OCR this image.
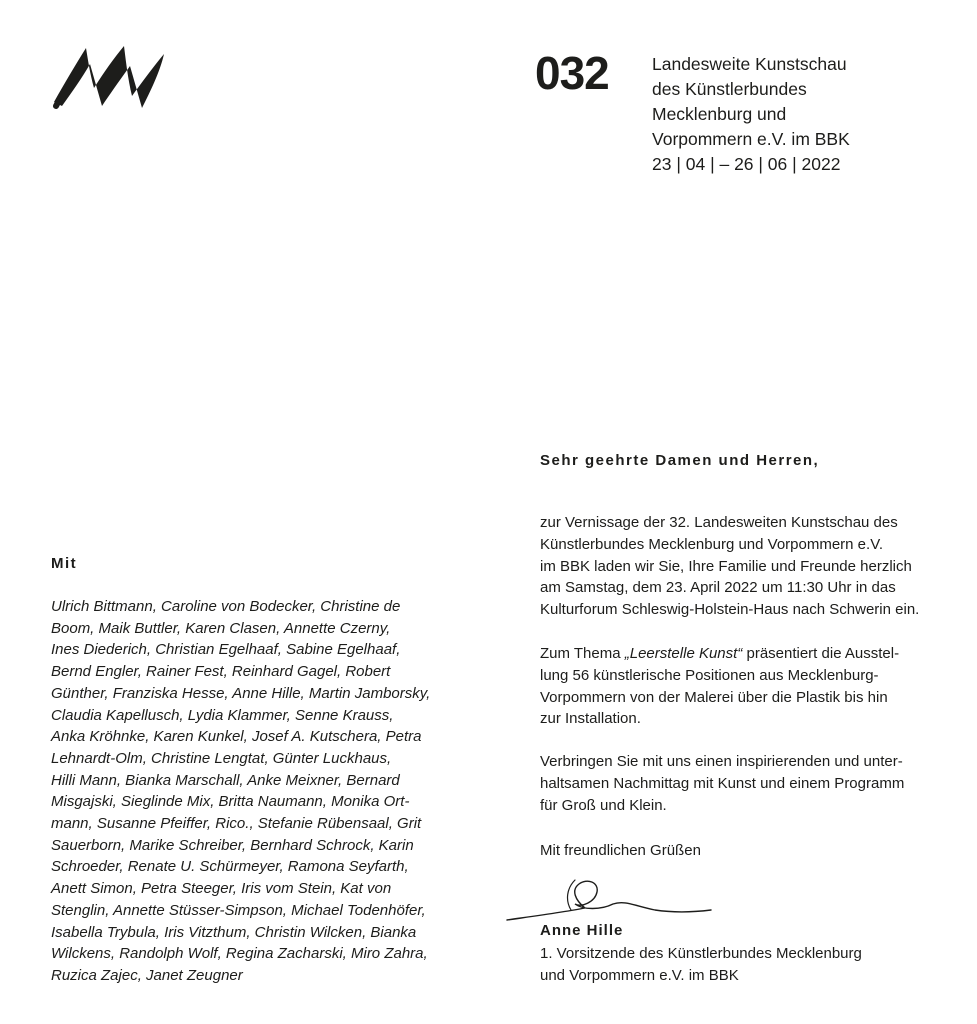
032 Landesweite Kunstschau
des Künstlerbundes
Mecklenburg und
Vorpommern e.V. im BBK
23 | 04 | – 26 | 06 | 2022
Mit
Ulrich Bittmann, Caroline von Bodecker, Christine de
Boom, Maik Buttler, Karen Clasen, Annette Czerny,
Ines Diederich, Christian Egelhaaf, Sabine Egelhaaf,
Bernd Engler, Rainer Fest, Reinhard Gagel, Robert
Günther, Franziska Hesse, Anne Hille, Martin Jamborsky,
Claudia Kapellusch, Lydia Klammer, Senne Krauss,
Anka Kröhnke, Karen Kunkel, Josef A. Kutschera, Petra
Lehnardt-Olm, Christine Lengtat, Günter Luckhaus,
Hilli Mann, Bianka Marschall, Anke Meixner, Bernard
Misgajski, Sieglinde Mix, Britta Naumann, Monika Ort-
mann, Susanne Pfeiffer, Rico., Stefanie Rübensaal, Grit
Sauerborn, Marike Schreiber, Bernhard Schrock, Karin
Schroeder, Renate U. Schürmeyer, Ramona Seyfarth,
Anett Simon, Petra Steeger, Iris vom Stein, Kat von
Stenglin, Annette Stüsser-Simpson, Michael Todenhöfer,
Isabella Trybula, Iris Vitzthum, Christin Wilcken, Bianka
Wilckens, Randolph Wolf, Regina Zacharski, Miro Zahra,
Ruzica Zajec, Janet Zeugner
Sehr geehrte Damen und Herren,
zur Vernissage der 32. Landesweiten Kunstschau des
Künstlerbundes Mecklenburg und Vorpommern e.V.
im BBK laden wir Sie, Ihre Familie und Freunde herzlich
am Samstag, dem 23. April 2022 um 11:30 Uhr in das
Kulturforum Schleswig-Holstein-Haus nach Schwerin ein.
Zum Thema „Leerstelle Kunst“ präsentiert die Ausstel-
lung 56 künstlerische Positionen aus Mecklenburg-
Vorpommern von der Malerei über die Plastik bis hin
zur Installation.
Verbringen Sie mit uns einen inspirierenden und unter-
haltsamen Nachmittag mit Kunst und einem Programm
für Groß und Klein.
Mit freundlichen Grüßen
Anne Hille
1. Vorsitzende des Künstlerbundes Mecklenburg
und Vorpommern e.V. im BBK
